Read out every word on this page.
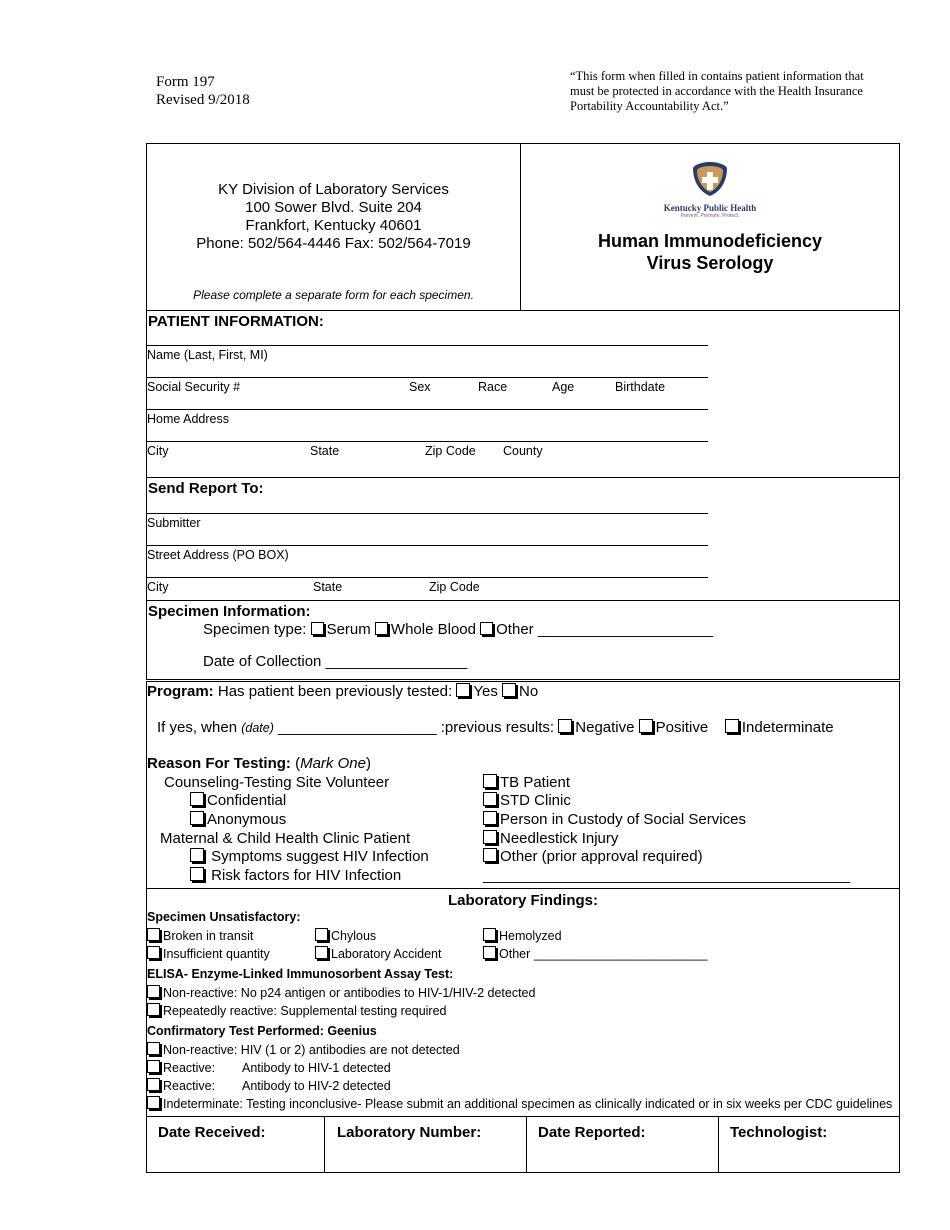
Form 197
Revised 9/2018
“This form when filled in contains patient information that
must be protected in accordance with the Health Insurance
Portability Accountability Act.”
KY Division of Laboratory Services
100 Sower Blvd. Suite 204
Frankfort, Kentucky 40601
Phone: 502/564-4446 Fax: 502/564-7019
Please complete a separate form for each specimen.
Kentucky Public Health
Prevent. Promote. Protect.
Human Immunodeficiency
Virus Serology
PATIENT INFORMATION:
Name (Last, First, MI)
Social Security #	Sex	Race	Age	Birthdate
Home Address
City	State	Zip Code County
Send Report To:
Submitter
Street Address (PO BOX)
City	State	Zip Code
Specimen Information:
Specimen type: Serum Whole Blood Other _____________________
Date of Collection _________________
Program: Has patient been previously tested: Yes No
If yes, when (date) ___________________ :previous results: Negative Positive    Indeterminate
Reason For Testing: (Mark One)
Counseling-Testing Site Volunteer
Confidential
Anonymous
Maternal & Child Health Clinic Patient
Symptoms suggest HIV Infection
Risk factors for HIV Infection
TB Patient
STD Clinic
Person in Custody of Social Services
Needlestick Injury
Other (prior approval required)
____________________________________________
Laboratory Findings:
Specimen Unsatisfactory:
Broken in transit
Insufficient quantity
Chylous
Laboratory Accident
Hemolyzed
Other _________________________
ELISA- Enzyme-Linked Immunosorbent Assay Test:
Non-reactive: No p24 antigen or antibodies to HIV-1/HIV-2 detected
Repeatedly reactive: Supplemental testing required
Confirmatory Test Performed: Geenius
Non-reactive: HIV (1 or 2) antibodies are not detected
Reactive: Antibody to HIV-1 detected
Reactive: Antibody to HIV-2 detected
Indeterminate: Testing inconclusive- Please submit an additional specimen as clinically indicated or in six weeks per CDC guidelines
Date Received:	Laboratory Number:	Date Reported:	Technologist:
